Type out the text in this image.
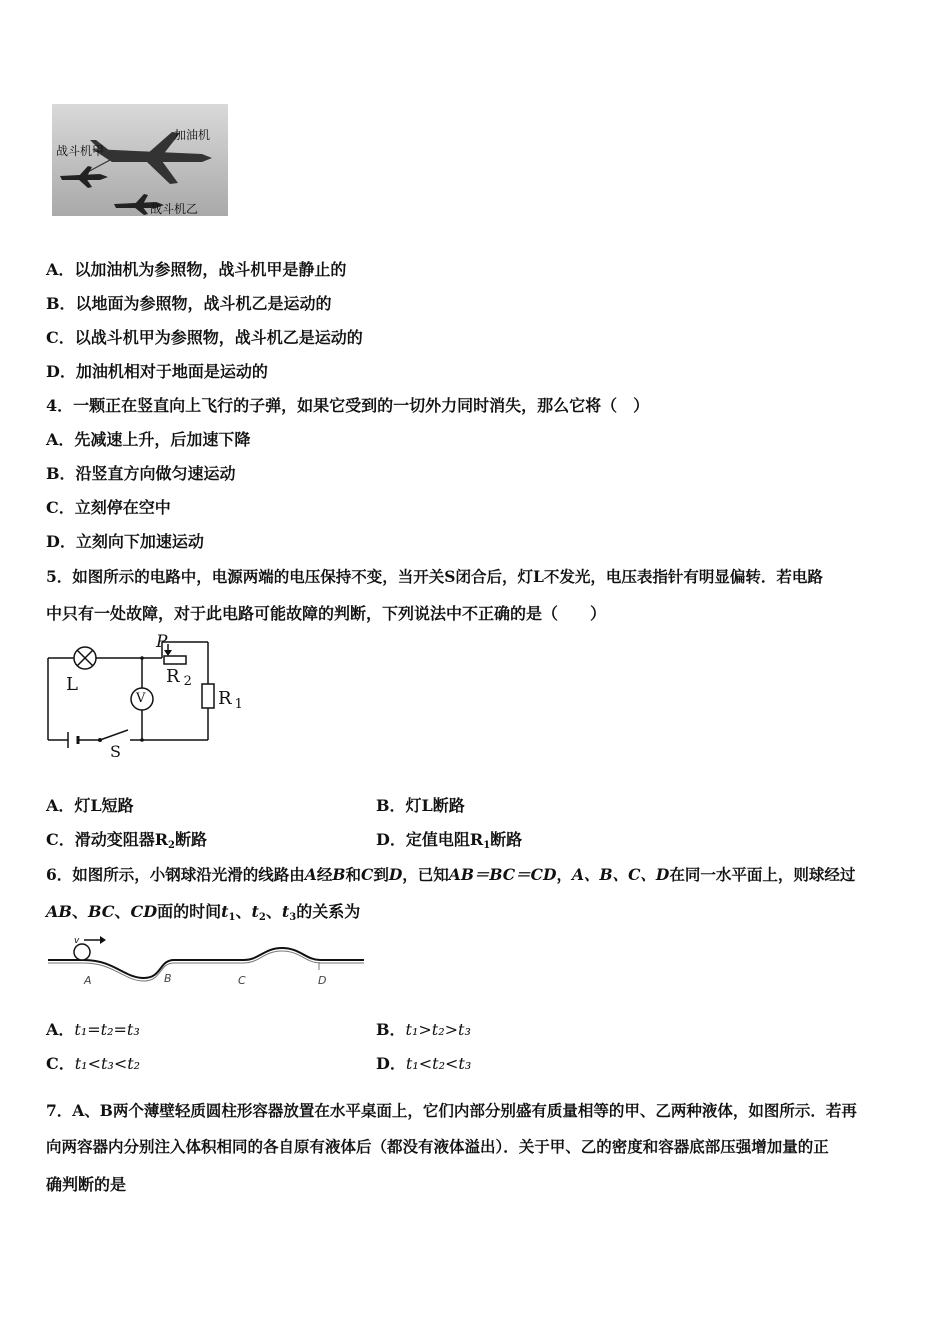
加油机
战斗机甲
战斗机乙
A．以加油机为参照物，战斗机甲是静止的
B．以地面为参照物，战斗机乙是运动的
C．以战斗机甲为参照物，战斗机乙是运动的
D．加油机相对于地面是运动的
4．一颗正在竖直向上飞行的子弹，如果它受到的一切外力同时消失，那么它将（　）
A．先减速上升，后加速下降
B．沿竖直方向做匀速运动
C．立刻停在空中
D．立刻向下加速运动
5．如图所示的电路中，电源两端的电压保持不变，当开关S闭合后，灯L不发光，电压表指针有明显偏转．若电路
中只有一处故障，对于此电路可能故障的判断，下列说法中不正确的是（　　）
L
P
R 2
R $_1$
V
S
A．灯L短路	B．灯L断路
C．滑动变阻器R2断路	D．定值电阻R1断路
6．如图所示，小钢球沿光滑的线路由A经B和C到D，已知AB＝BC＝CD，A、B、C、D在同一水平面上，则球经过
AB、BC、CD面的时间t1、t2、t3的关系为
v
A	B	C	D
A．t₁=t₂=t₃	B．t₁>t₂>t₃
C．t₁<t₃<t₂	D．t₁<t₂<t₃
7．A、B两个薄壁轻质圆柱形容器放置在水平桌面上，它们内部分别盛有质量相等的甲、乙两种液体，如图所示．若再
向两容器内分别注入体积相同的各自原有液体后（都没有液体溢出）．关于甲、乙的密度和容器底部压强增加量的正
确判断的是
